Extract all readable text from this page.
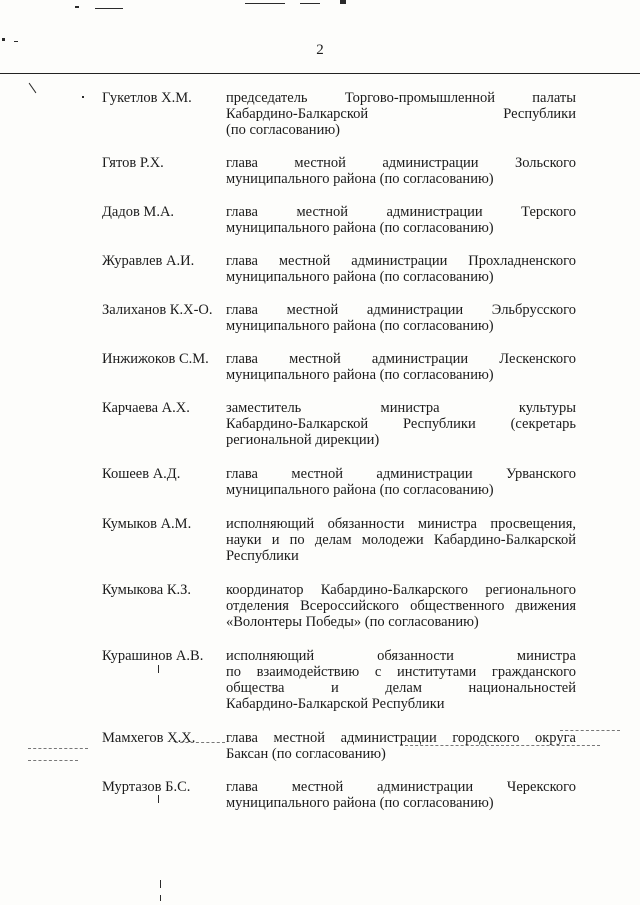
2
Гукетлов Х.М. председатель Торгово-промышленной палаты
Кабардино-Балкарской Республики
(по согласованию)
Гятов Р.Х.	глава местной администрации Зольского
муниципального района (по согласованию)
Дадов М.А.	глава местной администрации Терского
муниципального района (по согласованию)
Журавлев А.И. глава местной администрации Прохладненского
муниципального района (по согласованию)
Залиханов К.Х-О. глава местной администрации Эльбрусского
муниципального района (по согласованию)
Инжижоков С.М. глава местной администрации Лескенского
муниципального района (по согласованию)
Карчаева А.Х. заместитель министра культуры
Кабардино-Балкарской Республики (секретарь
региональной дирекции)
Кошеев А.Д.	глава местной администрации Урванского
муниципального района (по согласованию)
Кумыков А.М. исполняющий обязанности министра просвещения,
науки и по делам молодежи Кабардино-Балкарской
Республики
Кумыкова К.З. координатор Кабардино-Балкарского регионального
отделения Всероссийского общественного движения
«Волонтеры Победы» (по согласованию)
Курашинов А.В. исполняющий обязанности министра
по взаимодействию с институтами гражданского
общества и делам национальностей
Кабардино-Балкарской Республики
Мамхегов Х.Х. глава местной администрации городского округа
Баксан (по согласованию)
Муртазов Б.С. глава местной администрации Черекского
муниципального района (по согласованию)
